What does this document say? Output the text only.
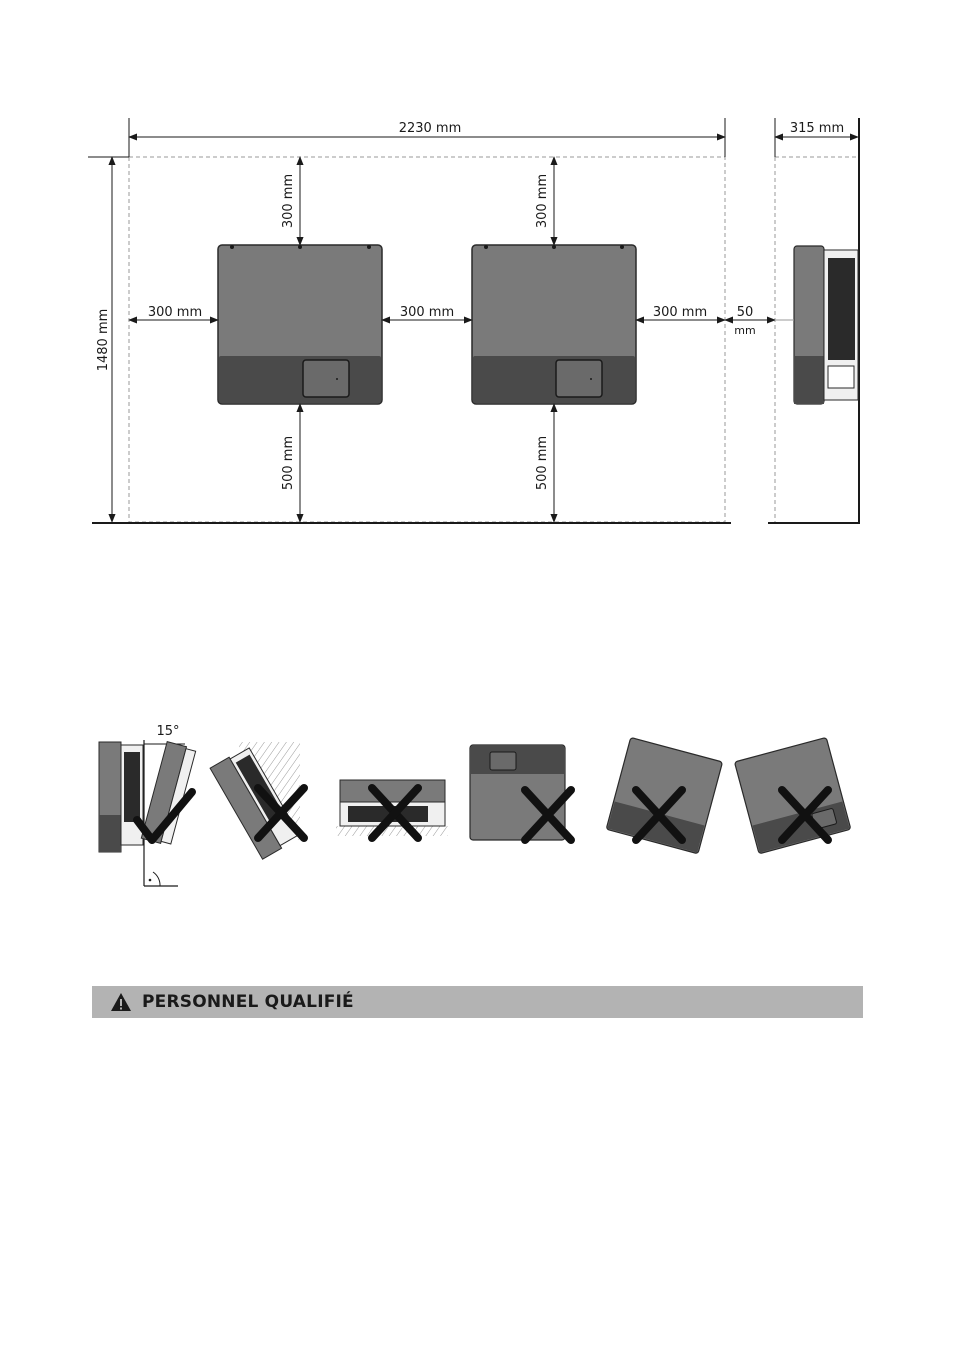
2230 mm	315 mm
1480 mm
300 mm	300 mm
300 mm	300 mm	300 mm 50
mm
500 mm	500 mm
15°
PERSONNEL QUALIFIÉ
